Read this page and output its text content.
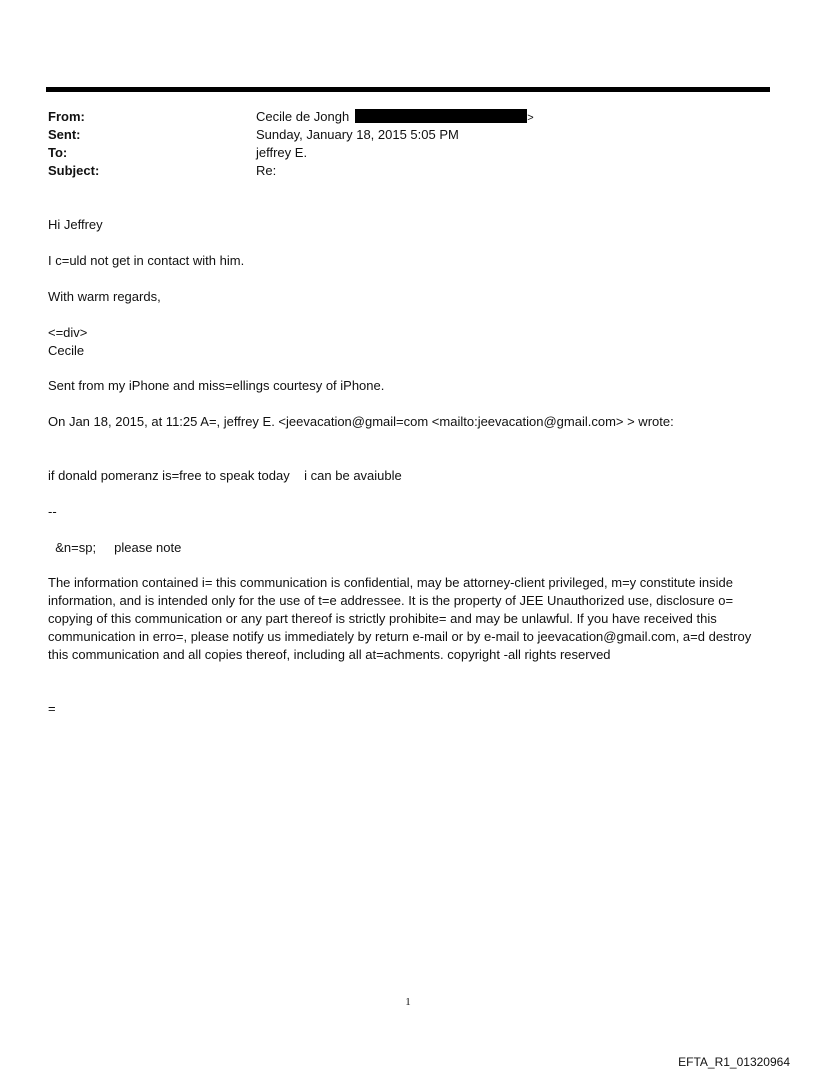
From:	Cecile de Jongh	>
Sent:	Sunday, January 18, 2015 5:05 PM
To:	jeffrey E.
Subject:	Re:
Hi Jeffrey
I c=uld not get in contact with him.
With warm regards,
<=div>
Cecile
Sent from my iPhone and miss=ellings courtesy of iPhone.
On Jan 18, 2015, at 11:25 A=, jeffrey E. <jeevacation@gmail=com <mailto:jeevacation@gmail.com> > wrote:
if donald pomeranz is=free to speak today    i can be avaiuble
--
&n=sp;     please note
The information contained i= this communication is confidential, may be attorney-client privileged, m=y constitute inside information, and is intended only for the use of t=e addressee. It is the property of JEE Unauthorized use, disclosure o= copying of this communication or any part thereof is strictly prohibite= and may be unlawful. If you have received this communication in erro=, please notify us immediately by return e-mail or by e-mail to jeevacation@gmail.com, a=d destroy this communication and all copies thereof, including all at=achments. copyright -all rights reserved
=
1
EFTA_R1_01320964
